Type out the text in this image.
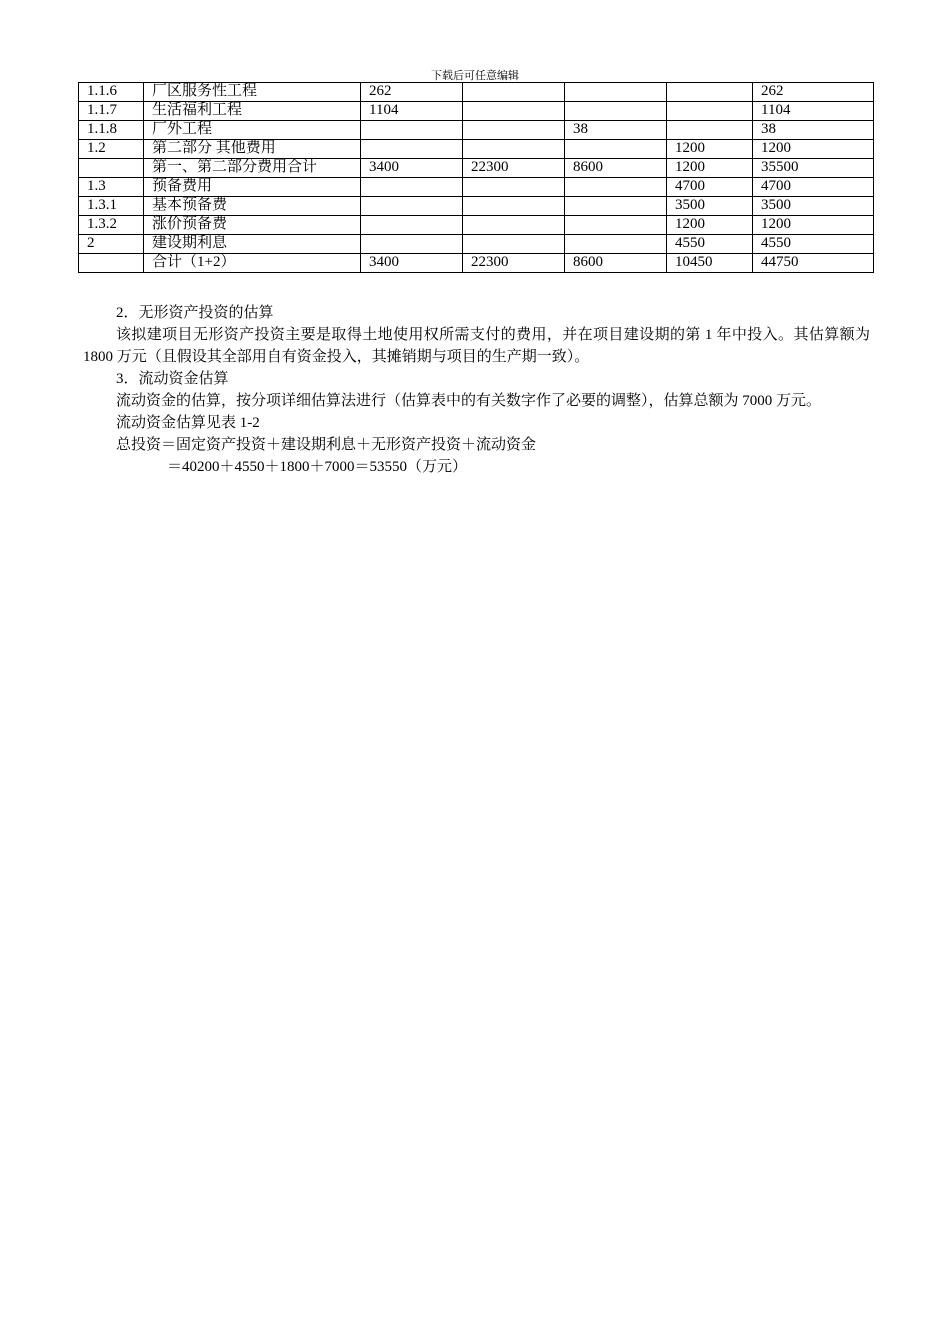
下载后可任意编辑
1.1.6	厂区服务性工程	262				262
1.1.7	生活福利工程	1104				1104
1.1.8	厂外工程			38		38
1.2	第二部分 其他费用				1200	1200
	第一、第二部分费用合计	3400	22300	8600	1200	35500
1.3	预备费用				4700	4700
1.3.1	基本预备费				3500	3500
1.3.2	涨价预备费				1200	1200
2	建设期利息				4550	4550
	合计（1+2）	3400	22300	8600	10450	44750

2．无形资产投资的估算

该拟建项目无形资产投资主要是取得土地使用权所需支付的费用，并在项目建设期的第 1 年中投入。其估算额为 1800 万元（且假设其全部用自有资金投入，其摊销期与项目的生产期一致）。

3．流动资金估算

流动资金的估算，按分项详细估算法进行（估算表中的有关数字作了必要的调整），估算总额为 7000 万元。

流动资金估算见表 1-2

总投资＝固定资产投资＋建设期利息＋无形资产投资＋流动资金

＝40200＋4550＋1800＋7000＝53550（万元）
